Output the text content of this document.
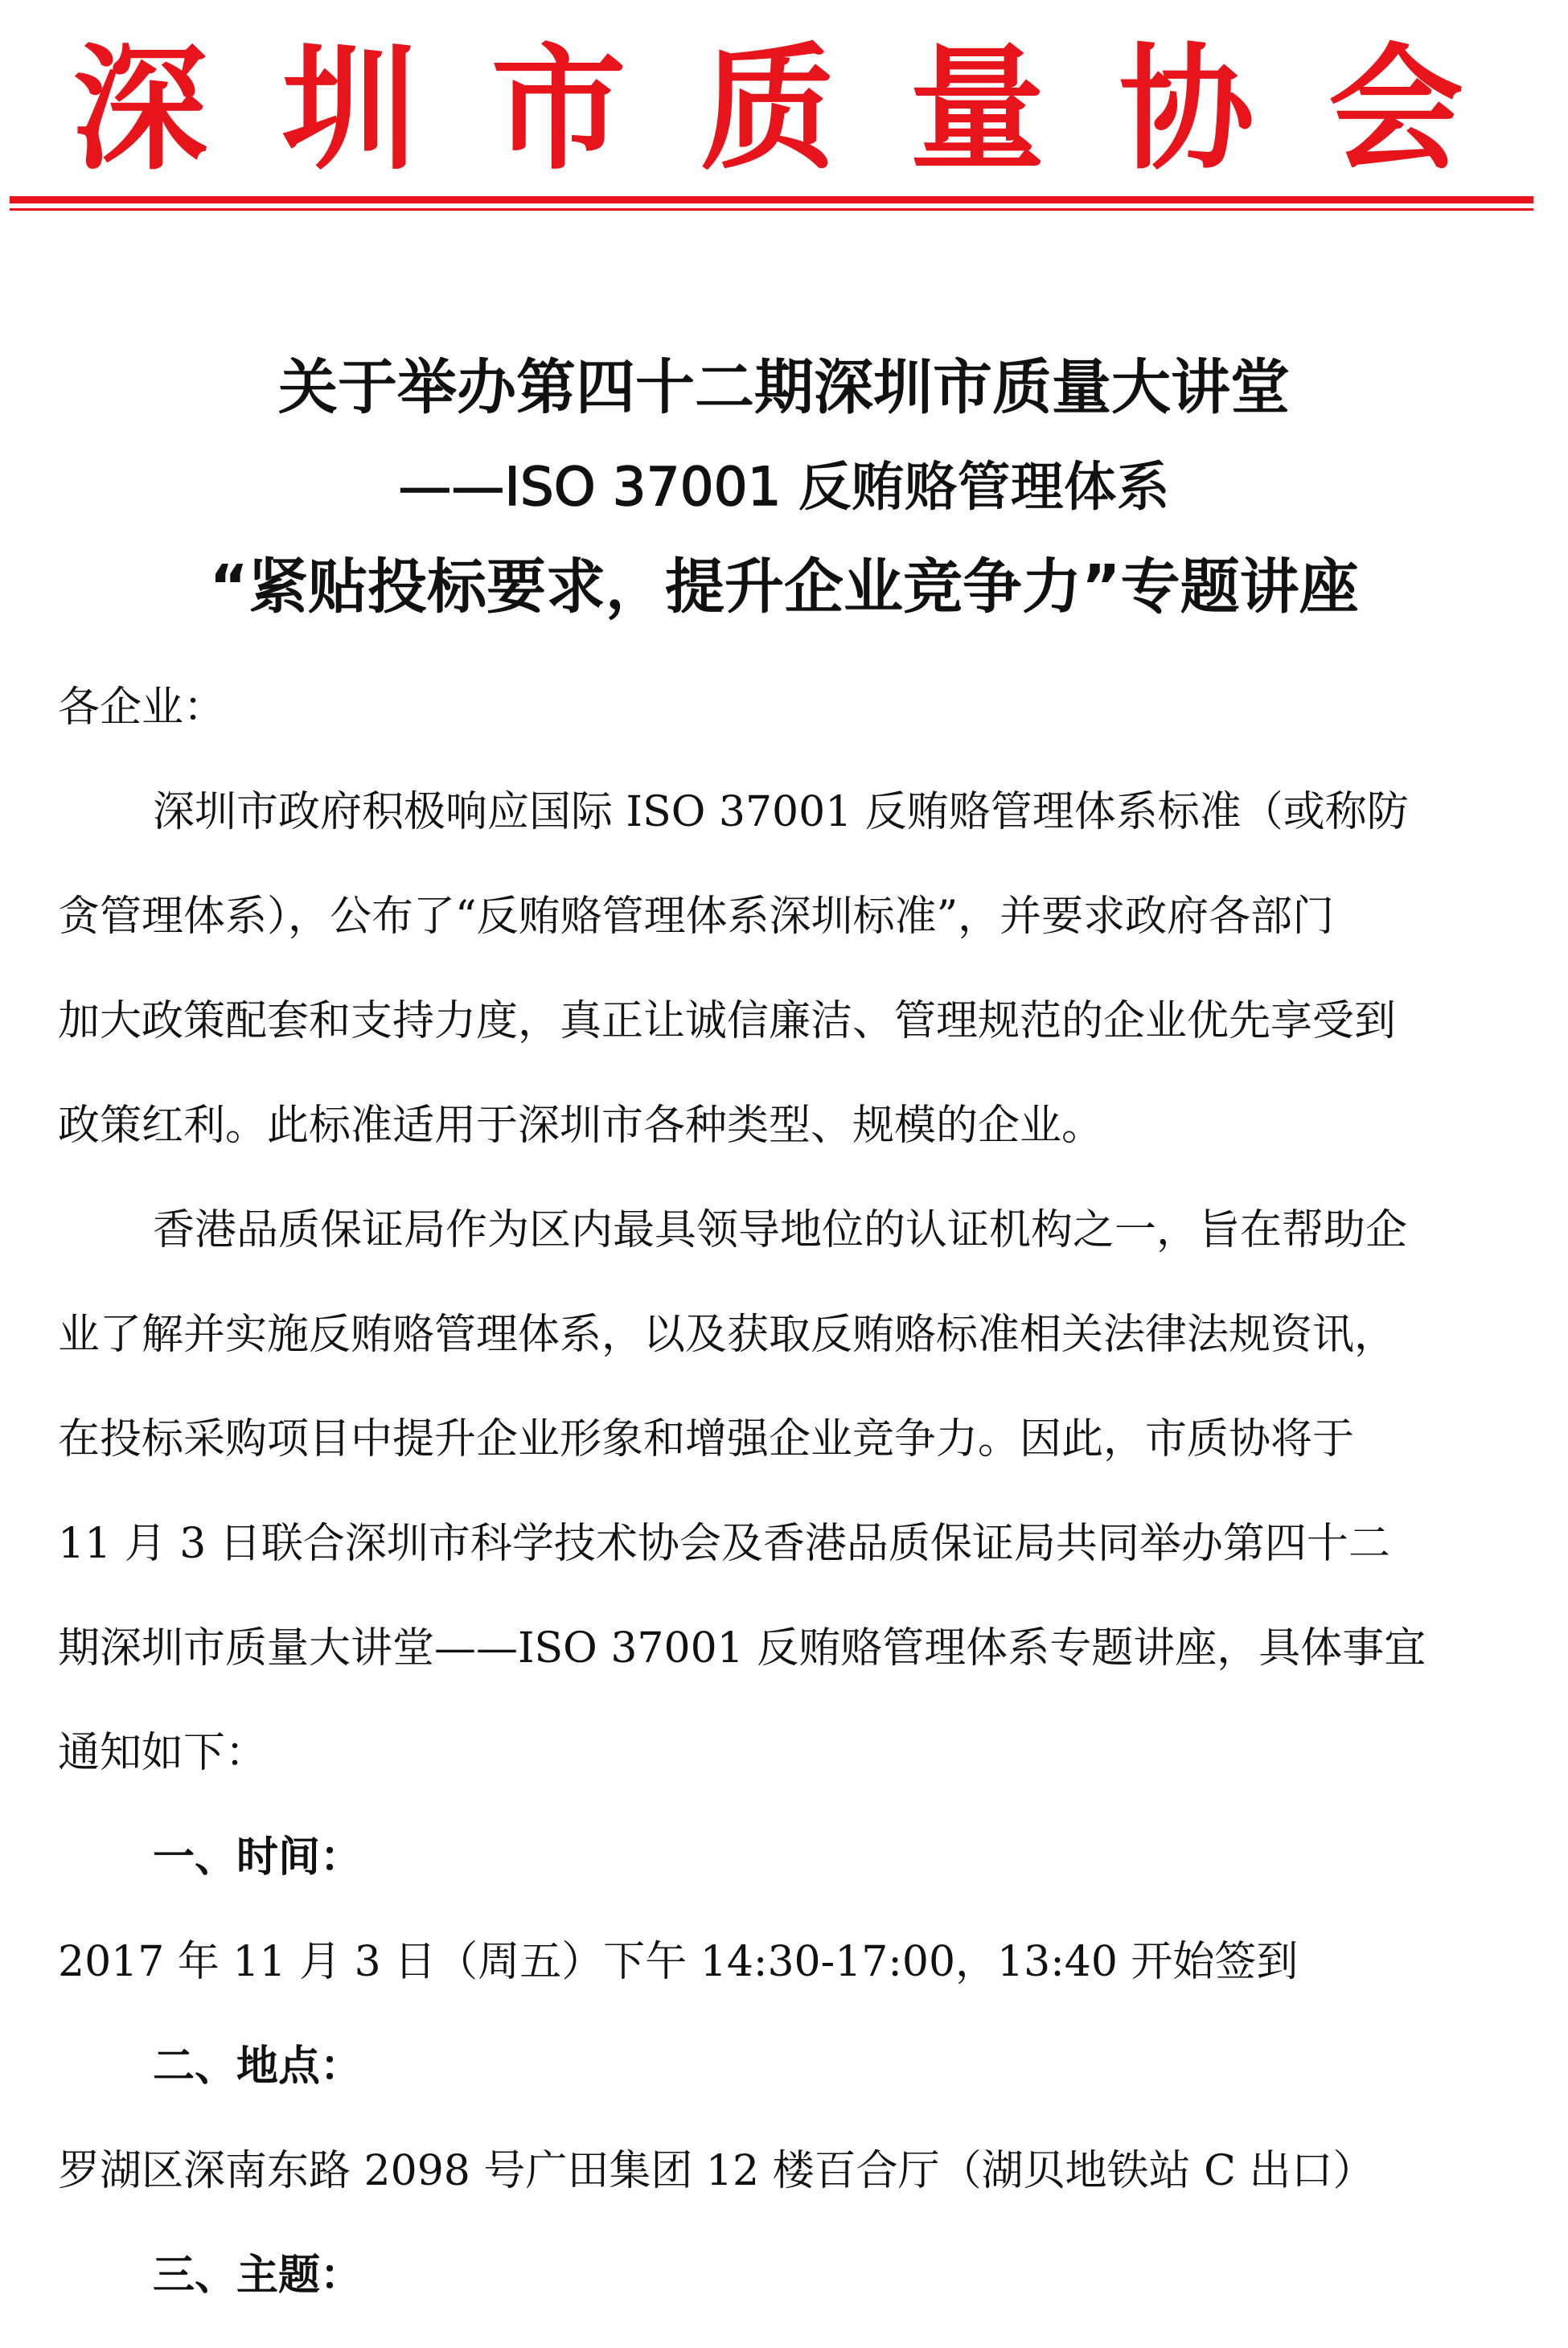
深 圳 市 质 量 协 会
关于举办第四十二期深圳市质量大讲堂
——ISO 37001 反贿赂管理体系
“紧贴投标要求，提升企业竞争力”专题讲座
各企业：
深圳市政府积极响应国际 ISO 37001 反贿赂管理体系标准（或称防
贪管理体系），公布了“反贿赂管理体系深圳标准”，并要求政府各部门
加大政策配套和支持力度，真正让诚信廉洁、管理规范的企业优先享受到
政策红利。此标准适用于深圳市各种类型、规模的企业。
香港品质保证局作为区内最具领导地位的认证机构之一，旨在帮助企
业了解并实施反贿赂管理体系，以及获取反贿赂标准相关法律法规资讯，
在投标采购项目中提升企业形象和增强企业竞争力。因此，市质协将于
11 月 3 日联合深圳市科学技术协会及香港品质保证局共同举办第四十二
期深圳市质量大讲堂——ISO 37001 反贿赂管理体系专题讲座，具体事宜
通知如下：
一、时间：
2017 年 11 月 3 日（周五）下午 14:30-17:00，13:40 开始签到
二、地点：
罗湖区深南东路 2098 号广田集团 12 楼百合厅（湖贝地铁站 C 出口）
三、主题：
